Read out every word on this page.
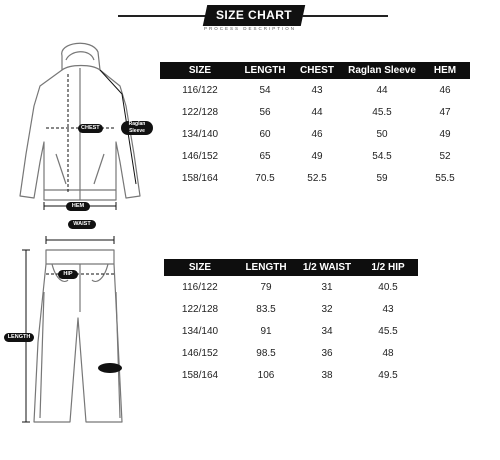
SIZE CHART
PROCESS DESCRIPTION
CHEST
Raglan Sleeve
HEM
SIZE	LENGTH	CHEST	Raglan Sleeve	HEM
116/122	54	43	44	46
122/128	56	44	45.5	47
134/140	60	46	50	49
146/152	65	49	54.5	52
158/164	70.5	52.5	59	55.5
WAIST
HIP
LENGTH
SIZE	LENGTH	1/2 WAIST	1/2 HIP
116/122	79	31	40.5
122/128	83.5	32	43
134/140	91	34	45.5
146/152	98.5	36	48
158/164	106	38	49.5
